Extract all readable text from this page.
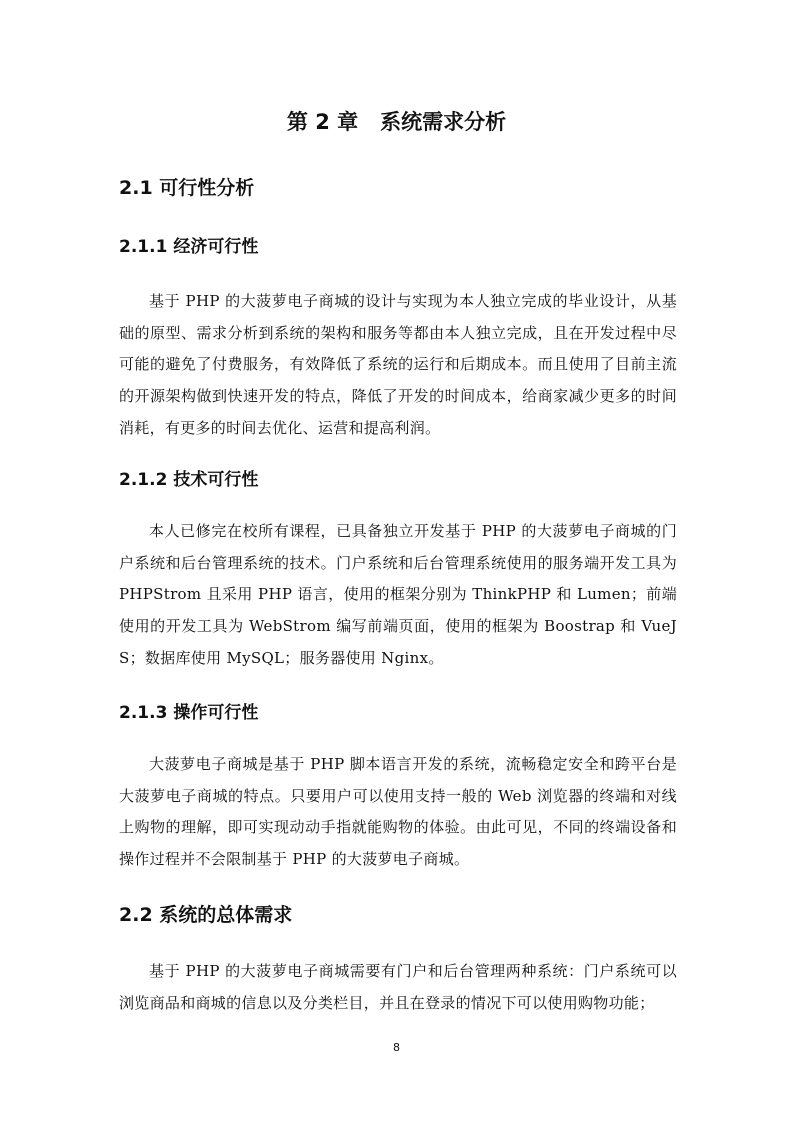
第 2 章   系统需求分析
2.1 可行性分析
2.1.1 经济可行性

基于 PHP 的大菠萝电子商城的设计与实现为本人独立完成的毕业设计，从基础的原型、需求分析到系统的架构和服务等都由本人独立完成，且在开发过程中尽可能的避免了付费服务，有效降低了系统的运行和后期成本。而且使用了目前主流的开源架构做到快速开发的特点，降低了开发的时间成本，给商家减少更多的时间消耗，有更多的时间去优化、运营和提高利润。

2.1.2 技术可行性

本人已修完在校所有课程，已具备独立开发基于 PHP 的大菠萝电子商城的门户系统和后台管理系统的技术。门户系统和后台管理系统使用的服务端开发工具为 PHPStrom 且采用 PHP 语言，使用的框架分别为 ThinkPHP 和 Lumen；前端使用的开发工具为 WebStrom 编写前端页面，使用的框架为 Boostrap 和 VueJS；数据库使用 MySQL；服务器使用 Nginx。

2.1.3 操作可行性

大菠萝电子商城是基于 PHP 脚本语言开发的系统，流畅稳定安全和跨平台是大菠萝电子商城的特点。只要用户可以使用支持一般的 Web 浏览器的终端和对线上购物的理解，即可实现动动手指就能购物的体验。由此可见，不同的终端设备和操作过程并不会限制基于 PHP 的大菠萝电子商城。

2.2 系统的总体需求

基于 PHP 的大菠萝电子商城需要有门户和后台管理两种系统：门户系统可以浏览商品和商城的信息以及分类栏目，并且在登录的情况下可以使用购物功能；

8
